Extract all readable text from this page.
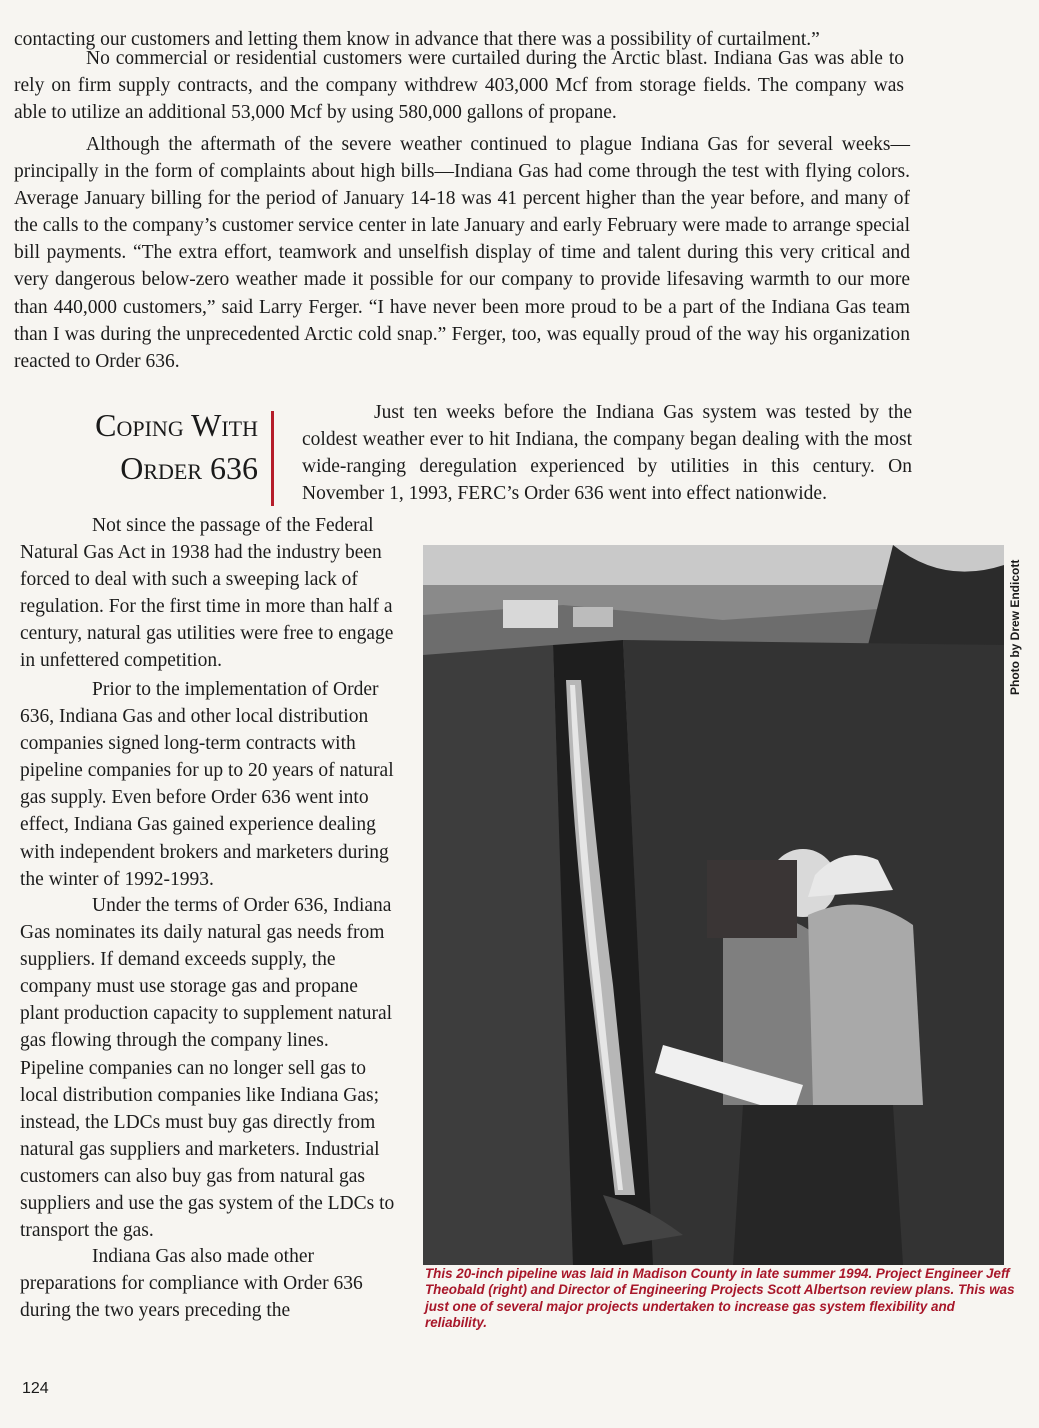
contacting our customers and letting them know in advance that there was a possibility of curtailment.”

No commercial or residential customers were curtailed during the Arctic blast. Indiana Gas was able to rely on firm supply contracts, and the company withdrew 403,000 Mcf from storage fields. The company was able to utilize an additional 53,000 Mcf by using 580,000 gallons of propane.

Although the aftermath of the severe weather continued to plague Indiana Gas for several weeks—principally in the form of complaints about high bills—Indiana Gas had come through the test with flying colors. Average January billing for the period of January 14-18 was 41 percent higher than the year before, and many of the calls to the company’s customer service center in late January and early February were made to arrange special bill payments. “The extra effort, teamwork and unselfish display of time and talent during this very critical and very dangerous below-zero weather made it possible for our company to provide lifesaving warmth to our more than 440,000 customers,” said Larry Ferger. “I have never been more proud to be a part of the Indiana Gas team than I was during the unprecedented Arctic cold snap.” Ferger, too, was equally proud of the way his organization reacted to Order 636.

Coping With
Order 636

Just ten weeks before the Indiana Gas system was tested by the coldest weather ever to hit Indiana, the company began dealing with the most wide-ranging deregulation experienced by utilities in this century. On November 1, 1993, FERC’s Order 636 went into effect nationwide.

Not since the passage of the Federal Natural Gas Act in 1938 had the industry been forced to deal with such a sweeping lack of regulation. For the first time in more than half a century, natural gas utilities were free to engage in unfettered competition.

Prior to the implementation of Order 636, Indiana Gas and other local distribution companies signed long-term contracts with pipeline companies for up to 20 years of natural gas supply. Even before Order 636 went into effect, Indiana Gas gained experience dealing with independent brokers and marketers during the winter of 1992-1993.

Under the terms of Order 636, Indiana Gas nominates its daily natural gas needs from suppliers. If demand exceeds supply, the company must use storage gas and propane plant production capacity to supplement natural gas flowing through the company lines. Pipeline companies can no longer sell gas to local distribution companies like Indiana Gas; instead, the LDCs must buy gas directly from natural gas suppliers and marketers. Industrial customers can also buy gas from natural gas suppliers and use the gas system of the LDCs to transport the gas.

Indiana Gas also made other preparations for compliance with Order 636 during the two years preceding the

Photo by Drew Endicott

This 20-inch pipeline was laid in Madison County in late summer 1994. Project Engineer Jeff Theobald (right) and Director of Engineering Projects Scott Albertson review plans. This was just one of several major projects undertaken to increase gas system flexibility and reliability.

124
